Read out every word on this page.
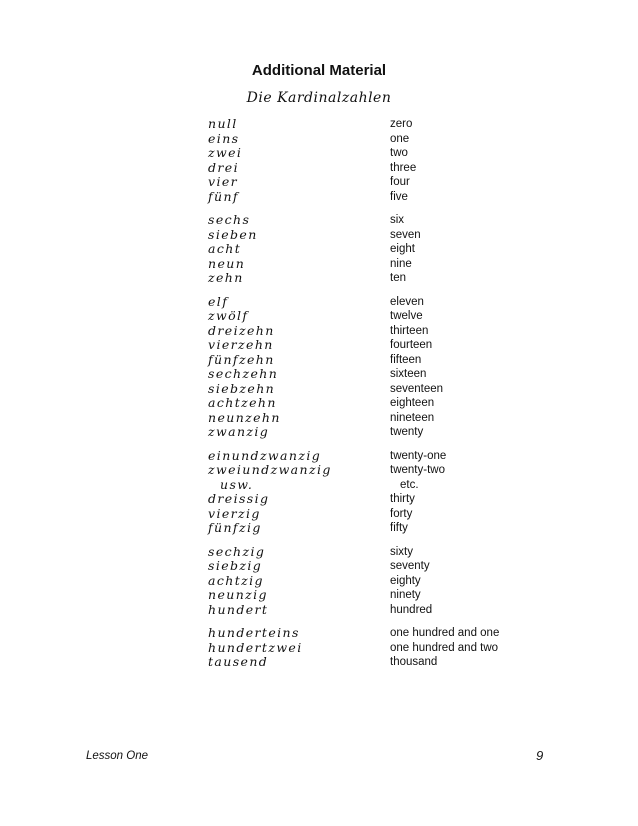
Additional Material
Die Kardinalzahlen
null	zero
eins	one
zwei	two
drei	three
vier	four
fünf	five
sechs	six
sieben	seven
acht	eight
neun	nine
zehn	ten
elf	eleven
zwölf	twelve
dreizehn	thirteen
vierzehn	fourteen
fünfzehn	fifteen
sechzehn	sixteen
siebzehn	seventeen
achtzehn	eighteen
neunzehn	nineteen
zwanzig	twenty
einundzwanzig	twenty-one
zweiundzwanzig	twenty-two
usw.	etc.
dreissig	thirty
vierzig	forty
fünfzig	fifty
sechzig	sixty
siebzig	seventy
achtzig	eighty
neunzig	ninety
hundert	hundred
hunderteins	one hundred and one
hundertzwei	one hundred and two
tausend	thousand
Lesson One	9
